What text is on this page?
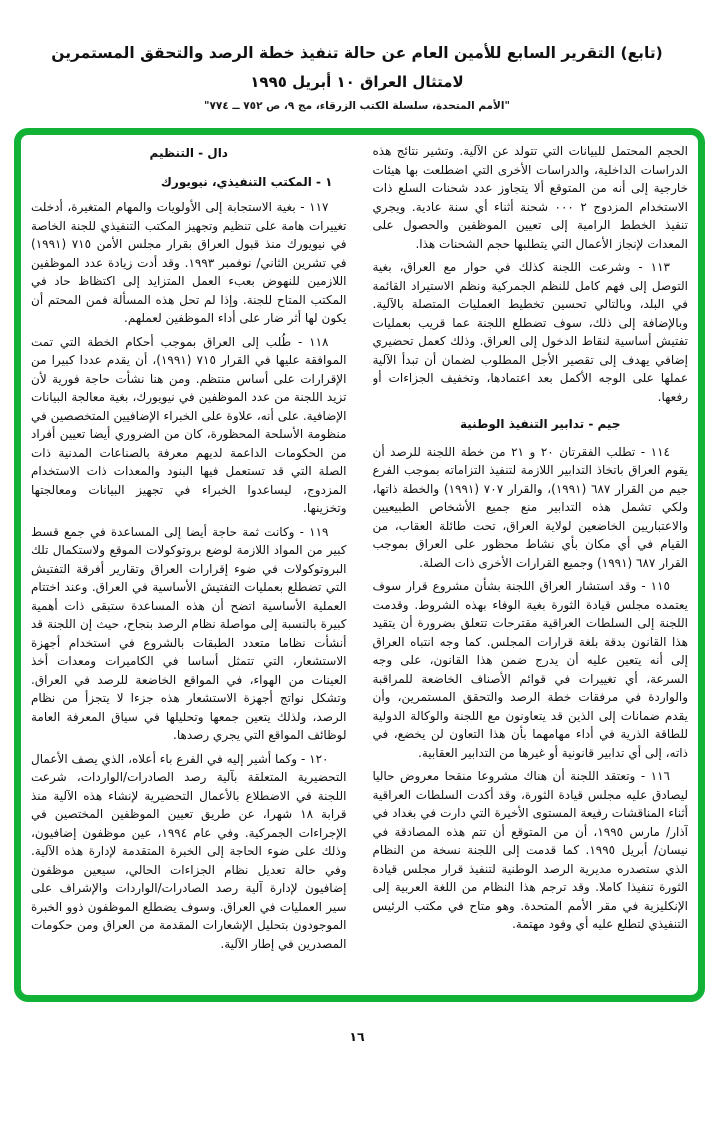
(تابع) التقرير السابع للأمين العام عن حالة تنفيذ خطة الرصد والتحقق المستمرين
لامتثال العراق ١٠ أبريل ١٩٩٥
"الأمم المتحدة، سلسلة الكتب الزرقاء، مج ٩، ص ٧٥٢ ــ ٧٧٤"

الحجم المحتمل للبيانات التي تتولد عن الآلية. وتشير نتائج هذه الدراسات الداخلية، والدراسات الأخرى التي اضطلعت بها هيئات خارجية إلى أنه من المتوقع ألا يتجاوز عدد شحنات السلع ذات الاستخدام المزدوج ٢ ٠٠٠ شحنة أثناء أي سنة عادية. ويجري تنفيذ الخطط الرامية إلى تعيين الموظفين والحصول على المعدات لإنجاز الأعمال التي يتطلبها حجم الشحنات هذا.

١١٣ - وشرعت اللجنة كذلك في حوار مع العراق، بغية التوصل إلى فهم كامل للنظم الجمركية ونظم الاستيراد القائمة في البلد، وبالتالي تحسين تخطيط العمليات المتصلة بالآلية. وبالإضافة إلى ذلك، سوف تضطلع اللجنة عما قريب بعمليات تفتيش أساسية لنقاط الدخول إلى العراق. وذلك كعمل تحضيري إضافي يهدف إلى تقصير الأجل المطلوب لضمان أن تبدأ الآلية عملها على الوجه الأكمل بعد اعتمادها، وتخفيف الجزاءات أو رفعها.

جيم - تدابير التنفيذ الوطنية

١١٤ - تطلب الفقرتان ٢٠ و ٢١ من خطة اللجنة للرصد أن يقوم العراق باتخاذ التدابير اللازمة لتنفيذ التزاماته بموجب الفرع جيم من القرار ٦٨٧ (١٩٩١)، والقرار ٧٠٧ (١٩٩١) والخطة ذاتها، ولكي تشمل هذه التدابير منع جميع الأشخاص الطبيعيين والاعتباريين الخاضعين لولاية العراق، تحت طائلة العقاب، من القيام في أي مكان بأي نشاط محظور على العراق بموجب القرار ٦٨٧ (١٩٩١) وجميع القرارات الأخرى ذات الصلة.

١١٥ - وقد استشار العراق اللجنة بشأن مشروع قرار سوف يعتمده مجلس قيادة الثورة بغية الوفاء بهذه الشروط. وقدمت اللجنة إلى السلطات العراقية مقترحات تتعلق بضرورة أن يتقيد هذا القانون بدقة بلغة قرارات المجلس. كما وجه انتباه العراق إلى أنه يتعين عليه أن يدرج ضمن هذا القانون، على وجه السرعة، أي تغييرات في قوائم الأصناف الخاضعة للمراقبة والواردة في مرفقات خطة الرصد والتحقق المستمرين، وأن يقدم ضمانات إلى الذين قد يتعاونون مع اللجنة والوكالة الدولية للطاقة الذرية في أداء مهامهما بأن هذا التعاون لن يخضع، في ذاته، إلى أي تدابير قانونية أو غيرها من التدابير العقابية.

١١٦ - وتعتقد اللجنة أن هناك مشروعا منقحا معروض حاليا ليصادق عليه مجلس قيادة الثورة، وقد أكدت السلطات العراقية أثناء المناقشات رفيعة المستوى الأخيرة التي دارت في بغداد في آذار/ مارس ١٩٩٥، أن من المتوقع أن تتم هذه المصادقة في نيسان/ أبريل ١٩٩٥. كما قدمت إلى اللجنة نسخة من النظام الذي ستصدره مديرية الرصد الوطنية لتنفيذ قرار مجلس قيادة الثورة تنفيذا كاملا. وقد ترجم هذا النظام من اللغة العربية إلى الإنكليزية في مقر الأمم المتحدة. وهو متاح في مكتب الرئيس التنفيذي لتطلع عليه أي وفود مهتمة.

دال - التنظيم
١ - المكتب التنفيذي، نيويورك

١١٧ - بغية الاستجابة إلى الأولويات والمهام المتغيرة، أدخلت تغييرات هامة على تنظيم وتجهيز المكتب التنفيذي للجنة الخاصة في نيويورك منذ قبول العراق بقرار مجلس الأمن ٧١٥ (١٩٩١) في تشرين الثاني/ نوفمبر ١٩٩٣. وقد أدت زيادة عدد الموظفين اللازمين للنهوض بعبء العمل المتزايد إلى اكتظاظ حاد في المكتب المتاح للجنة. وإذا لم تحل هذه المسألة فمن المحتم أن يكون لها أثر ضار على أداء الموظفين لعملهم.

١١٨ - طُلب إلى العراق بموجب أحكام الخطة التي تمت الموافقة عليها في القرار ٧١٥ (١٩٩١)، أن يقدم عددا كبيرا من الإقرارات على أساس منتظم. ومن هنا نشأت حاجة فورية لأن تزيد اللجنة من عدد الموظفين في نيويورك، بغية معالجة البيانات الإضافية. على أنه، علاوة على الخبراء الإضافيين المتخصصين في منظومة الأسلحة المحظورة، كان من الضروري أيضا تعيين أفراد من الحكومات الداعمة لديهم معرفة بالصناعات المدنية ذات الصلة التي قد تستعمل فيها البنود والمعدات ذات الاستخدام المزدوج، ليساعدوا الخبراء في تجهيز البيانات ومعالجتها وتخزينها.

١١٩ - وكانت ثمة حاجة أيضا إلى المساعدة في جمع قسط كبير من المواد اللازمة لوضع بروتوكولات الموقع ولاستكمال تلك البروتوكولات في ضوء إقرارات العراق وتقارير أفرقة التفتيش التي تضطلع بعمليات التفتيش الأساسية في العراق. وعند اختتام العملية الأساسية اتضح أن هذه المساعدة ستبقى ذات أهمية كبيرة بالنسبة إلى مواصلة نظام الرصد بنجاح، حيث إن اللجنة قد أنشأت نظاما متعدد الطبقات بالشروع في استخدام أجهزة الاستشعار، التي تتمثل أساسا في الكاميرات ومعدات أخذ العينات من الهواء، في المواقع الخاضعة للرصد في العراق. وتشكل نواتج أجهزة الاستشعار هذه جزءا لا يتجزأ من نظام الرصد، ولذلك يتعين جمعها وتحليلها في سياق المعرفة العامة لوظائف المواقع التي يجري رصدها.

١٢٠ - وكما أشير إليه في الفرع باء أعلاه، الذي يصف الأعمال التحضيرية المتعلقة بآلية رصد الصادرات/الواردات، شرعت اللجنة في الاضطلاع بالأعمال التحضيرية لإنشاء هذه الآلية منذ قرابة ١٨ شهرا، عن طريق تعيين الموظفين المختصين في الإجراءات الجمركية. وفي عام ١٩٩٤، عين موظفون إضافيون، وذلك على ضوء الحاجة إلى الخبرة المتقدمة لإدارة هذه الآلية. وفي حالة تعديل نظام الجزاءات الحالي، سيعين موظفون إضافيون لإدارة آلية رصد الصادرات/الواردات والإشراف على سير العمليات في العراق. وسوف يضطلع الموظفون ذوو الخبرة الموجودون بتحليل الإشعارات المقدمة من العراق ومن حكومات المصدرين في إطار الآلية.

١٦
